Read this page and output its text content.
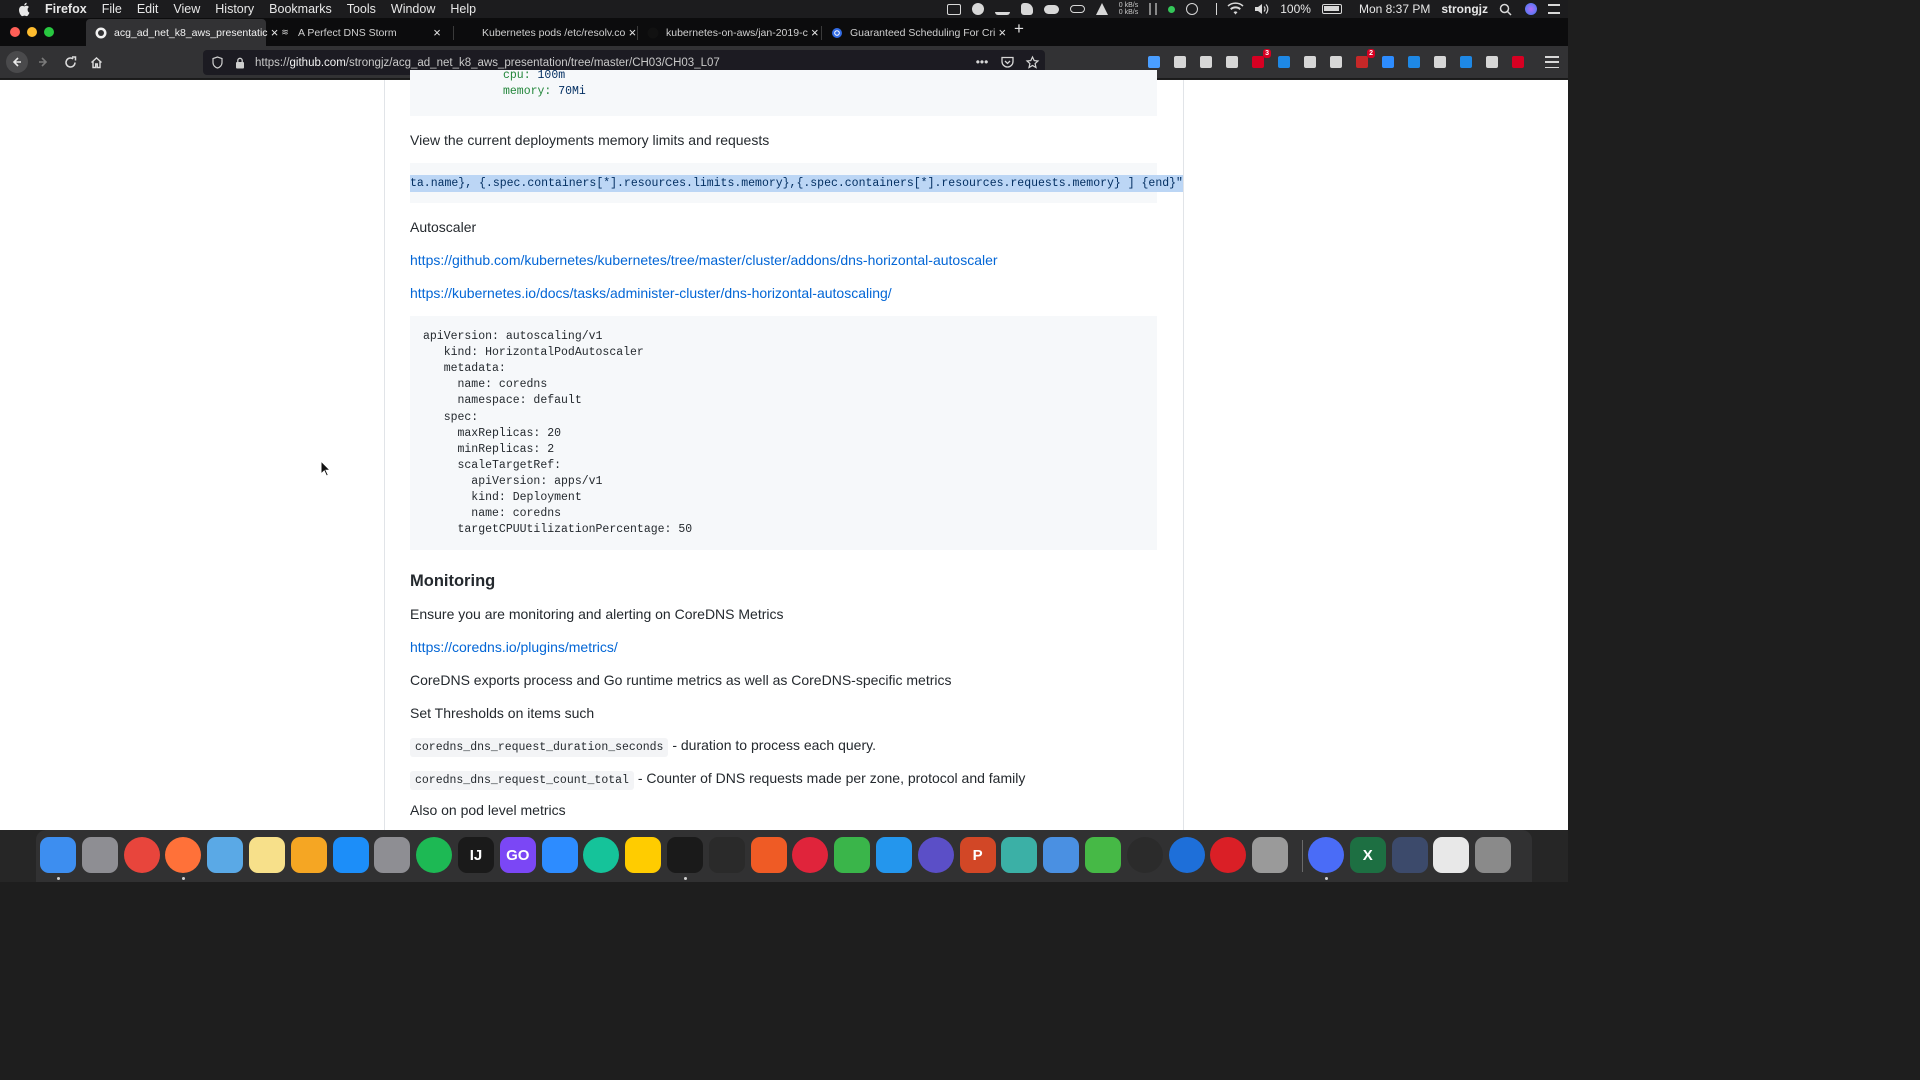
Firefox File Edit View History Bookmarks Tools Window Help	0 kB/s
0 kB/s	100%	Mon 8:37 PM strongjz
acg_ad_net_k8_aws_presentatic × ≋ A Perfect DNS Storm	×	Kubernetes pods /etc/resolv.co ×	kubernetes-on-aws/jan-2019-c ×	Guaranteed Scheduling For Cri × +
https://github.com/strongjz/acg_ad_net_k8_aws_presentation/tree/master/CH03/CH03_L07	•••
3	2
cpu: 100m
memory: 70Mi
View the current deployments memory limits and requests
ta.name}, {.spec.containers[*].resources.limits.memory},{.spec.containers[*].resources.requests.memory} ] {end}"
Autoscaler
https://github.com/kubernetes/kubernetes/tree/master/cluster/addons/dns-horizontal-autoscaler
https://kubernetes.io/docs/tasks/administer-cluster/dns-horizontal-autoscaling/
apiVersion: autoscaling/v1
kind: HorizontalPodAutoscaler
metadata:
name: coredns
namespace: default
spec:
maxReplicas: 20
minReplicas: 2
scaleTargetRef:
apiVersion: apps/v1
kind: Deployment
name: coredns
targetCPUUtilizationPercentage: 50
Monitoring
Ensure you are monitoring and alerting on CoreDNS Metrics
https://coredns.io/plugins/metrics/
CoreDNS exports process and Go runtime metrics as well as CoreDNS-specific metrics
Set Thresholds on items such
coredns_dns_request_duration_seconds - duration to process each query.
coredns_dns_request_count_total - Counter of DNS requests made per zone, protocol and family
Also on pod level metrics
IJ GO	P	X
